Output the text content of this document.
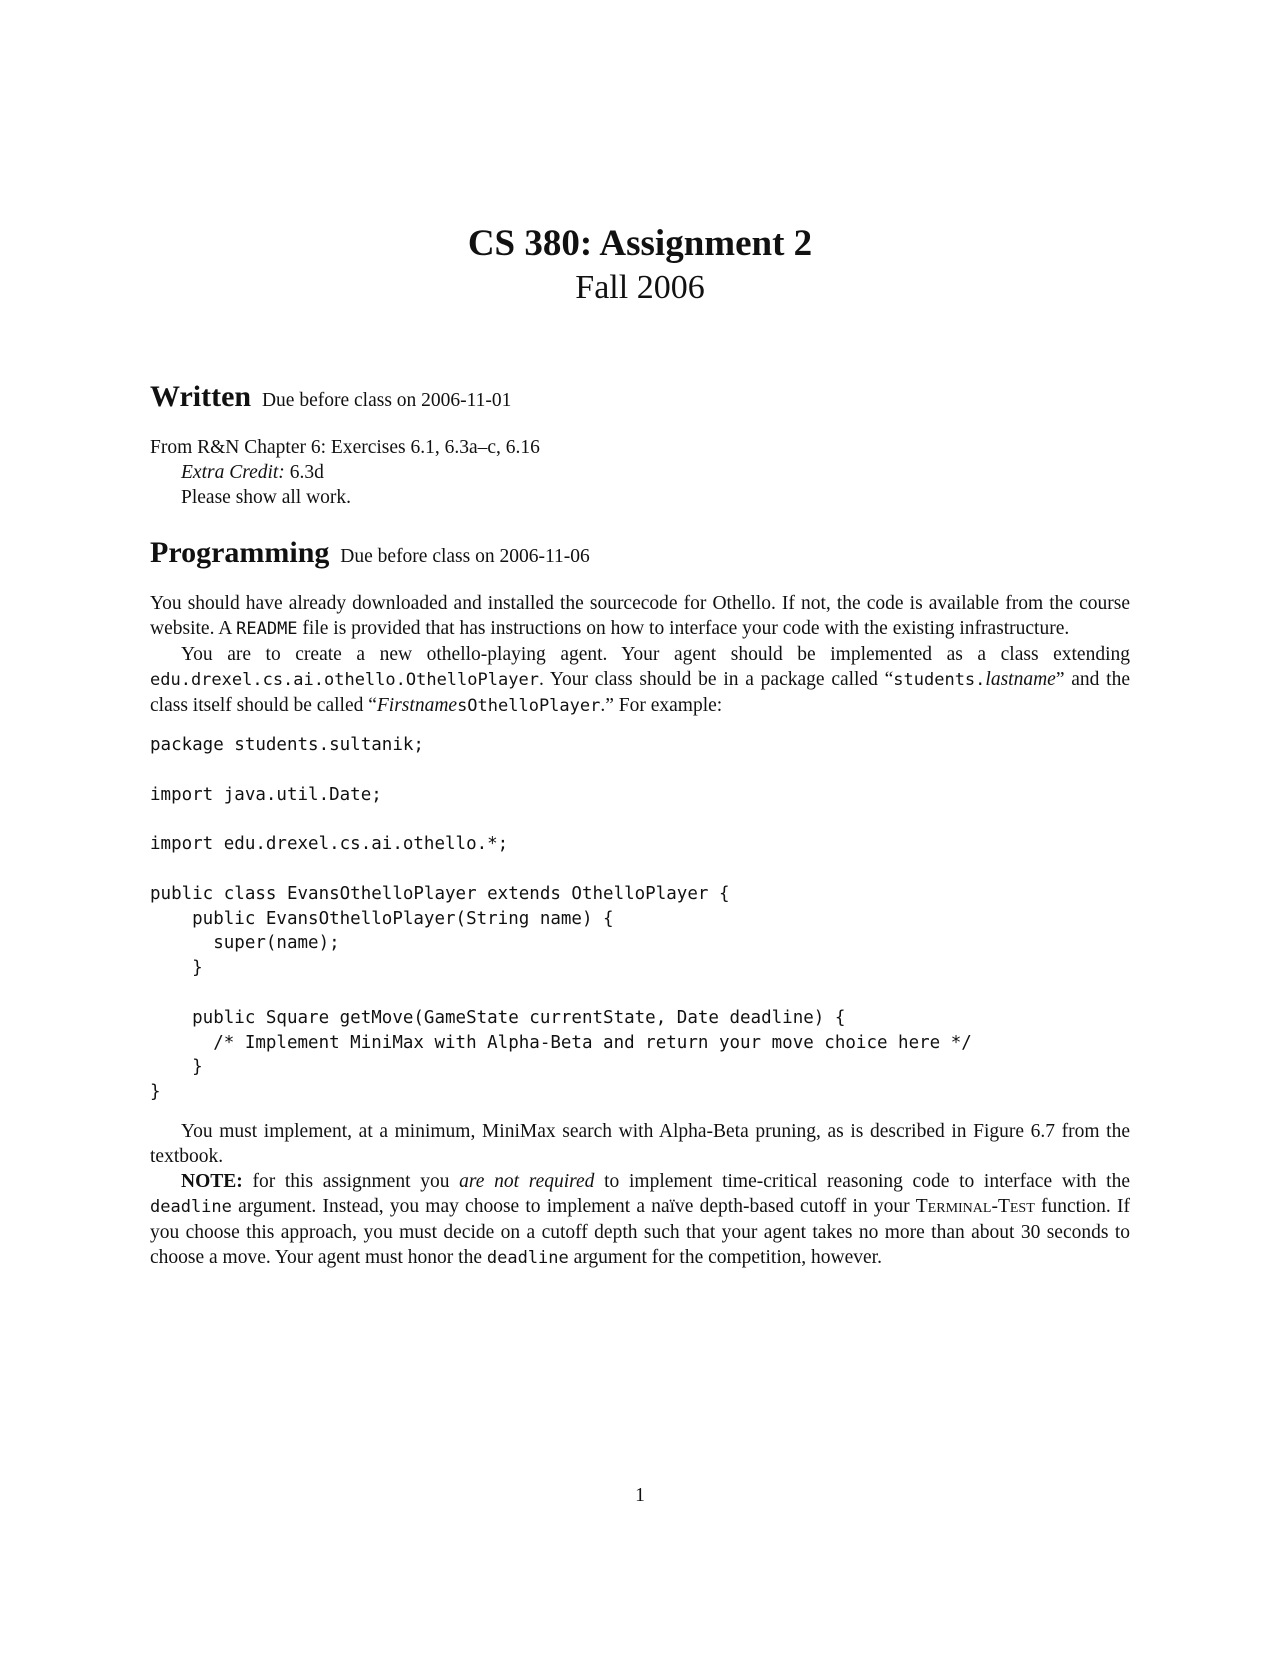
CS 380: Assignment 2
Fall 2006
Written Due before class on 2006-11-01

From R&N Chapter 6: Exercises 6.1, 6.3a–c, 6.16

Extra Credit: 6.3d

Please show all work.

Programming Due before class on 2006-11-06

You should have already downloaded and installed the sourcecode for Othello. If not, the code is available from the course website. A README file is provided that has instructions on how to interface your code with the existing infrastructure.

You are to create a new othello-playing agent. Your agent should be implemented as a class extending edu.drexel.cs.ai.othello.OthelloPlayer. Your class should be in a package called “students.lastname” and the class itself should be called “FirstnamesOthelloPlayer.” For example:

package students.sultanik;

import java.util.Date;

import edu.drexel.cs.ai.othello.*;

public class EvansOthelloPlayer extends OthelloPlayer {
public EvansOthelloPlayer(String name) {
super(name);
}

public Square getMove(GameState currentState, Date deadline) {
/* Implement MiniMax with Alpha-Beta and return your move choice here */
}
}

You must implement, at a minimum, MiniMax search with Alpha-Beta pruning, as is described in Figure 6.7 from the textbook.

NOTE: for this assignment you are not required to implement time-critical reasoning code to interface with the deadline argument. Instead, you may choose to implement a naïve depth-based cutoff in your Terminal-Test function. If you choose this approach, you must decide on a cutoff depth such that your agent takes no more than about 30 seconds to choose a move. Your agent must honor the deadline argument for the competition, however.

1
